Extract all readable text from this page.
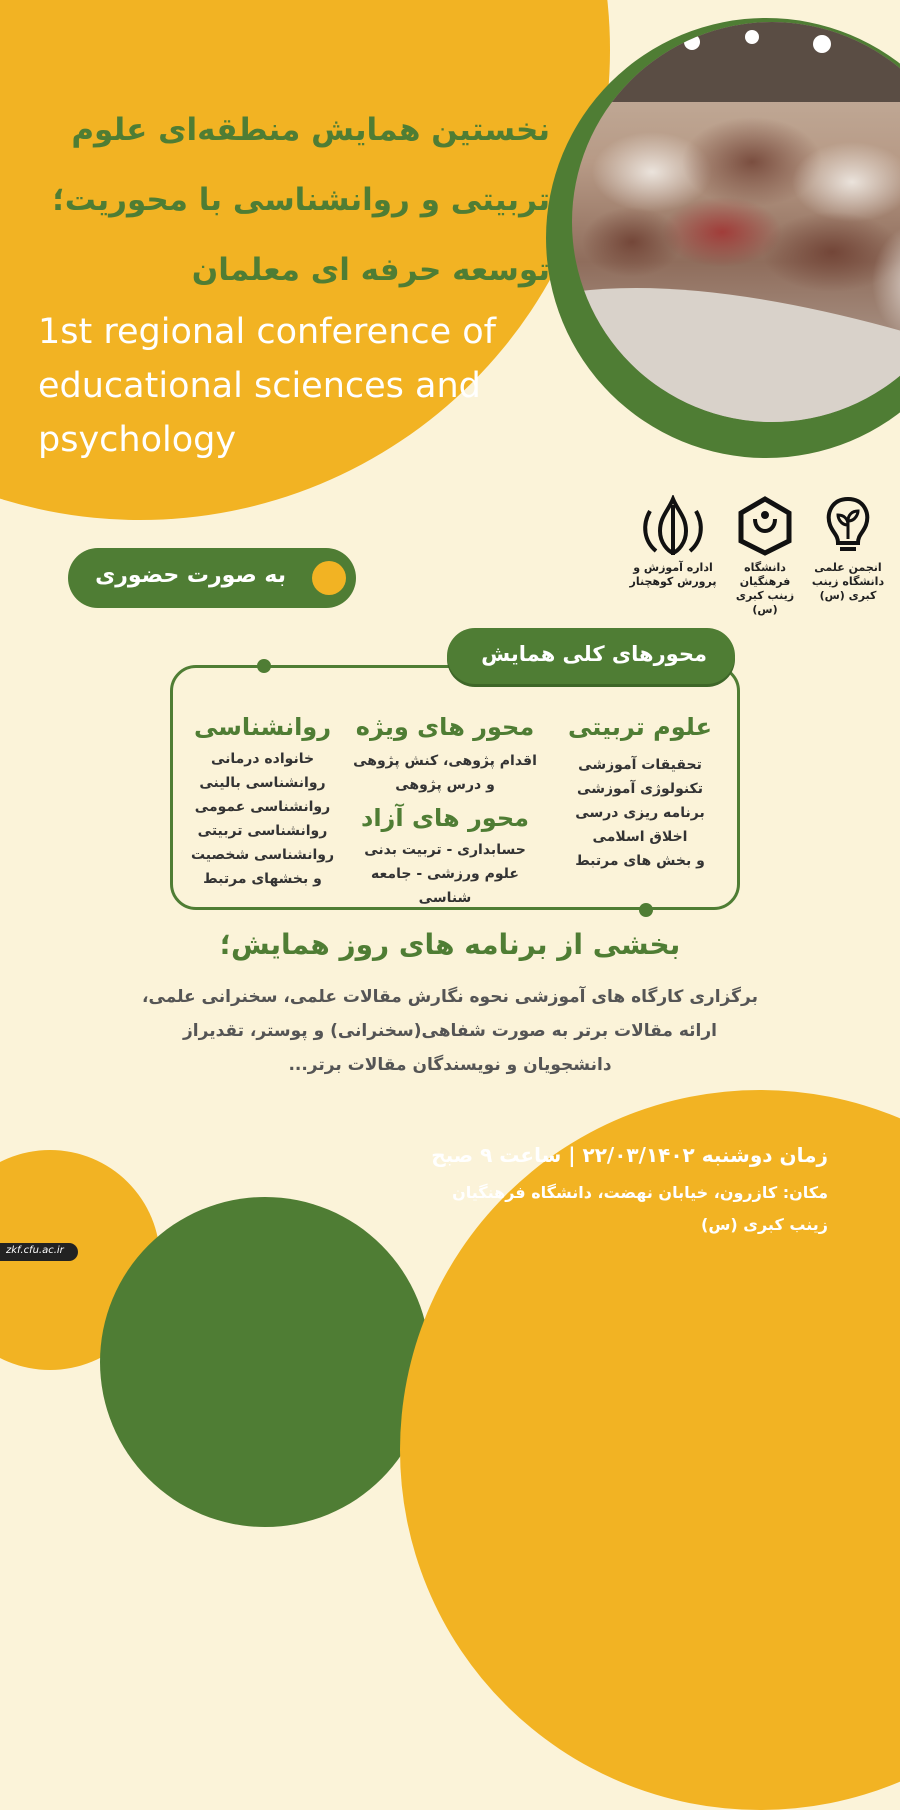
نخستین همایش منطقه‌ای علوم تربیتی و روانشناسی با محوریت؛ توسعه حرفه ای معلمان
1st regional conference of educational sciences and psychology
اداره آموزش و پرورش کوهچنار
دانشگاه فرهنگیان زینب کبری (س)
انجمن علمی دانشگاه زینب کبری (س)
به صورت حضوری
محورهای کلی همایش
علوم تربیتی
تحقیقات آموزشی
تکنولوژی آموزشی
برنامه ریزی درسی
اخلاق اسلامی
و بخش های مرتبط
محور های ویژه
اقدام پژوهی، کنش پژوهی
و درس پژوهی
محور های آزاد
حسابداری - تربیت بدنی
علوم ورزشی - جامعه شناسی
روانشناسی
خانواده درمانی
روانشناسی بالینی
روانشناسی عمومی
روانشناسی تربیتی
روانشناسی شخصیت
و بخشهای مرتبط
بخشی از برنامه های روز همایش؛
برگزاری کارگاه های آموزشی نحوه نگارش مقالات علمی، سخنرانی علمی،
ارائه مقالات برتر به صورت شفاهی(سخنرانی) و پوستر، تقدیراز
دانشجویان و نویسندگان مقالات برتر...
زمان دوشنبه ۲۲/۰۳/۱۴۰۲ | ساعت ۹ صبح
مکان: کازرون، خیابان نهضت، دانشگاه فرهنگیان
زینب کبری (س)
zkf.cfu.ac.ir
